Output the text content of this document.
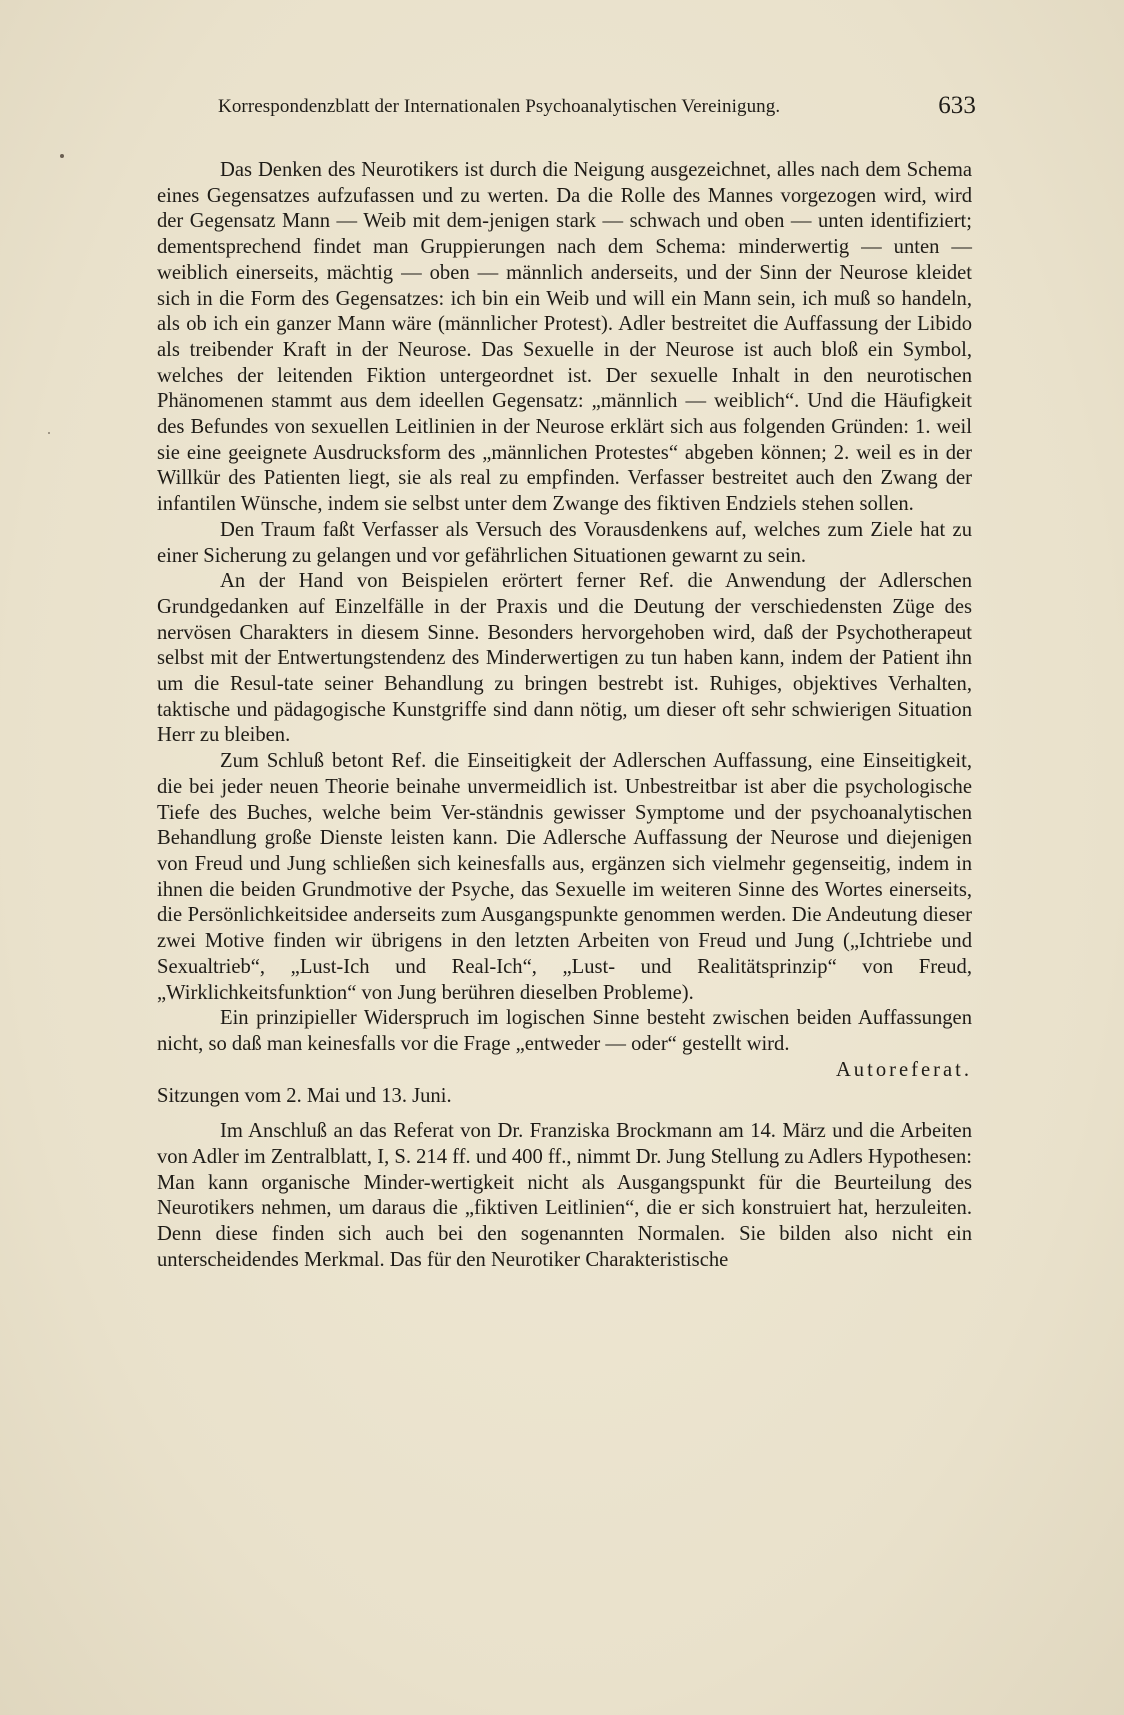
Korrespondenzblatt der Internationalen Psychoanalytischen Vereinigung.	633

Das Denken des Neurotikers ist durch die Neigung ausgezeichnet, alles nach dem Schema eines Gegensatzes aufzufassen und zu werten. Da die Rolle des Mannes vorgezogen wird, wird der Gegensatz Mann — Weib mit dem-jenigen stark — schwach und oben — unten identifiziert; dementsprechend findet man Gruppierungen nach dem Schema: minderwertig — unten — weiblich einerseits, mächtig — oben — männlich anderseits, und der Sinn der Neurose kleidet sich in die Form des Gegensatzes: ich bin ein Weib und will ein Mann sein, ich muß so handeln, als ob ich ein ganzer Mann wäre (männlicher Protest). Adler bestreitet die Auffassung der Libido als treibender Kraft in der Neurose. Das Sexuelle in der Neurose ist auch bloß ein Symbol, welches der leitenden Fiktion untergeordnet ist. Der sexuelle Inhalt in den neurotischen Phänomenen stammt aus dem ideellen Gegensatz: „männlich — weiblich“. Und die Häufigkeit des Befundes von sexuellen Leitlinien in der Neurose erklärt sich aus folgenden Gründen: 1. weil sie eine geeignete Ausdrucksform des „männlichen Protestes“ abgeben können; 2. weil es in der Willkür des Patienten liegt, sie als real zu empfinden. Verfasser bestreitet auch den Zwang der infantilen Wünsche, indem sie selbst unter dem Zwange des fiktiven Endziels stehen sollen.

Den Traum faßt Verfasser als Versuch des Vorausdenkens auf, welches zum Ziele hat zu einer Sicherung zu gelangen und vor gefährlichen Situationen gewarnt zu sein.

An der Hand von Beispielen erörtert ferner Ref. die Anwendung der Adlerschen Grundgedanken auf Einzelfälle in der Praxis und die Deutung der verschiedensten Züge des nervösen Charakters in diesem Sinne. Besonders hervorgehoben wird, daß der Psychotherapeut selbst mit der Entwertungstendenz des Minderwertigen zu tun haben kann, indem der Patient ihn um die Resul-tate seiner Behandlung zu bringen bestrebt ist. Ruhiges, objektives Verhalten, taktische und pädagogische Kunstgriffe sind dann nötig, um dieser oft sehr schwierigen Situation Herr zu bleiben.

Zum Schluß betont Ref. die Einseitigkeit der Adlerschen Auffassung, eine Einseitigkeit, die bei jeder neuen Theorie beinahe unvermeidlich ist. Unbestreitbar ist aber die psychologische Tiefe des Buches, welche beim Ver-ständnis gewisser Symptome und der psychoanalytischen Behandlung große Dienste leisten kann. Die Adlersche Auffassung der Neurose und diejenigen von Freud und Jung schließen sich keinesfalls aus, ergänzen sich vielmehr gegenseitig, indem in ihnen die beiden Grundmotive der Psyche, das Sexuelle im weiteren Sinne des Wortes einerseits, die Persönlichkeitsidee anderseits zum Ausgangspunkte genommen werden. Die Andeutung dieser zwei Motive finden wir übrigens in den letzten Arbeiten von Freud und Jung („Ichtriebe und Sexualtrieb“, „Lust-Ich und Real-Ich“, „Lust- und Realitätsprinzip“ von Freud, „Wirklichkeitsfunktion“ von Jung berühren dieselben Probleme).

Ein prinzipieller Widerspruch im logischen Sinne besteht zwischen beiden Auffassungen nicht, so daß man keinesfalls vor die Frage „entweder — oder“ gestellt wird.
Autoreferat.

Sitzungen vom 2. Mai und 13. Juni.

Im Anschluß an das Referat von Dr. Franziska Brockmann am 14. März und die Arbeiten von Adler im Zentralblatt, I, S. 214 ff. und 400 ff., nimmt Dr. Jung Stellung zu Adlers Hypothesen: Man kann organische Minder-wertigkeit nicht als Ausgangspunkt für die Beurteilung des Neurotikers nehmen, um daraus die „fiktiven Leitlinien“, die er sich konstruiert hat, herzuleiten. Denn diese finden sich auch bei den sogenannten Normalen. Sie bilden also nicht ein unterscheidendes Merkmal. Das für den Neurotiker Charakteristische
